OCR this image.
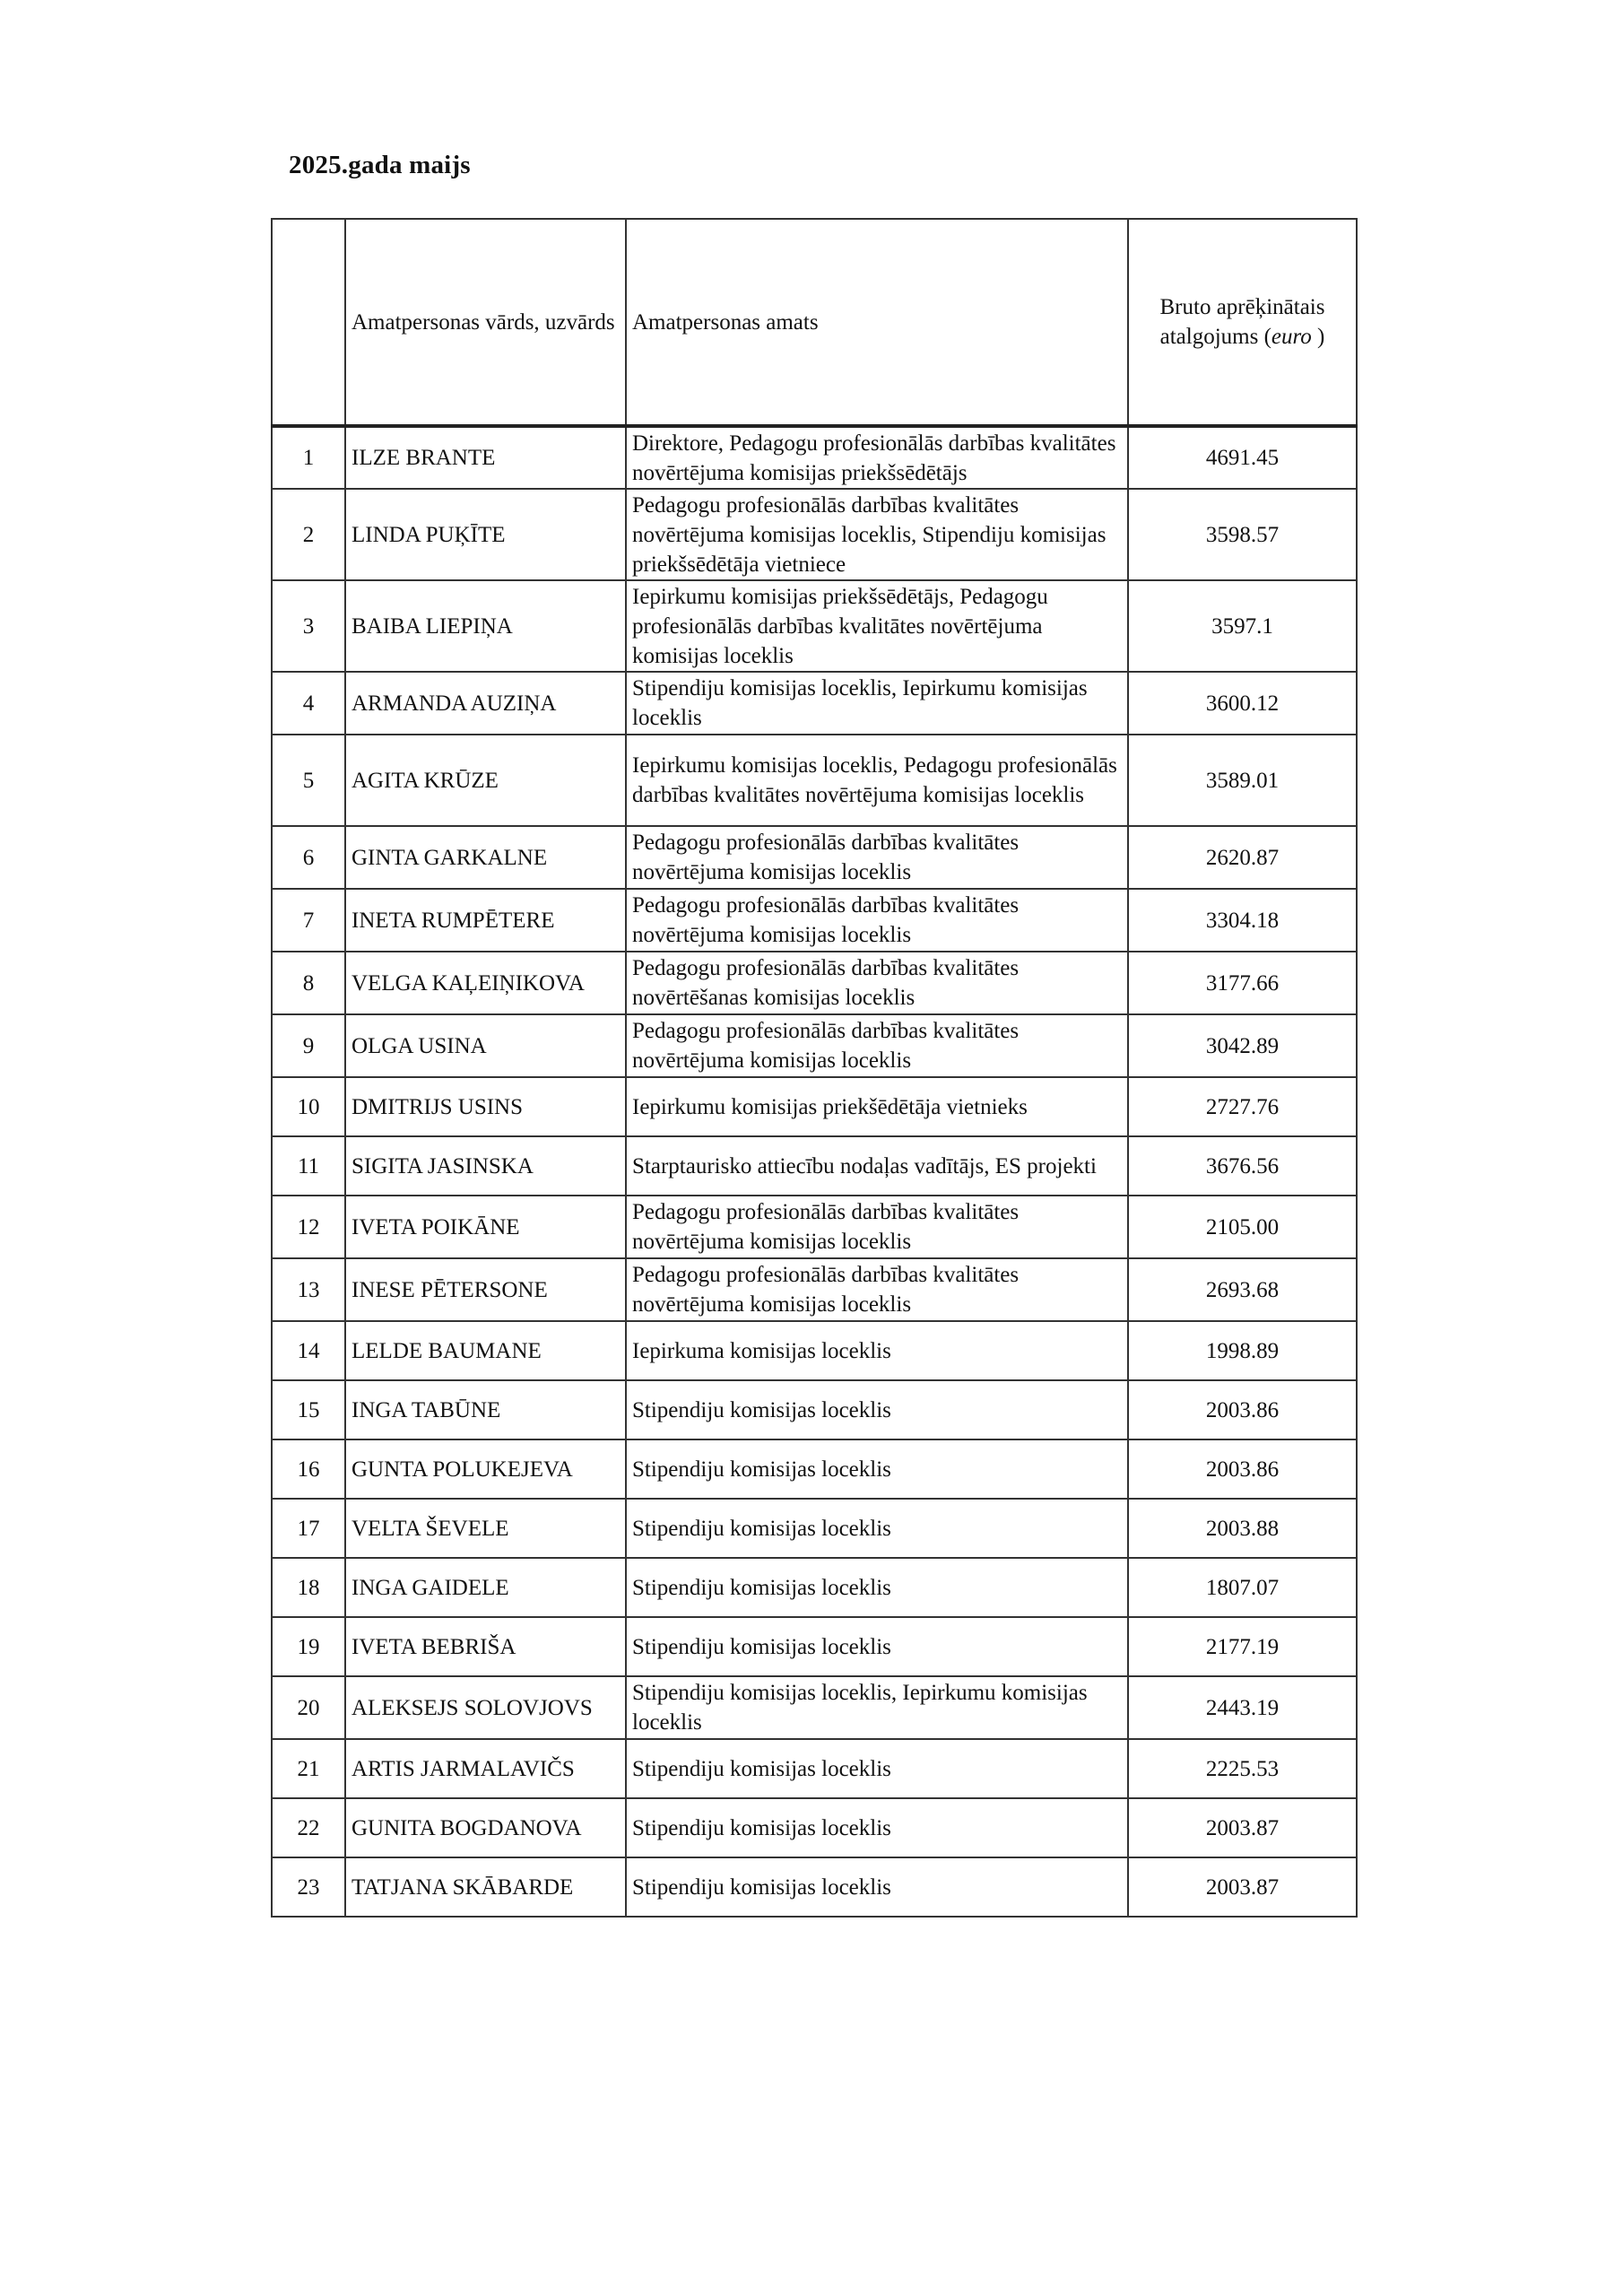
2025.gada maijs
	Amatpersonas vārds, uzvārds	Amatpersonas amats	Bruto aprēķinātais atalgojums (euro )
1	ILZE BRANTE	Direktore, Pedagogu profesionālās darbības kvalitātes novērtējuma komisijas priekšsēdētājs	4691.45
2	LINDA PUĶĪTE	Pedagogu profesionālās darbības kvalitātes novērtējuma komisijas loceklis, Stipendiju komisijas priekšsēdētāja vietniece	3598.57
3	BAIBA LIEPIŅA	Iepirkumu komisijas priekšsēdētājs, Pedagogu profesionālās darbības kvalitātes novērtējuma komisijas loceklis	3597.1
4	ARMANDA AUZIŅA	Stipendiju komisijas loceklis, Iepirkumu komisijas loceklis	3600.12
5	AGITA KRŪZE	Iepirkumu komisijas loceklis, Pedagogu profesionālās darbības kvalitātes novērtējuma komisijas loceklis	3589.01
6	GINTA GARKALNE	Pedagogu profesionālās darbības kvalitātes novērtējuma komisijas loceklis	2620.87
7	INETA RUMPĒTERE	Pedagogu profesionālās darbības kvalitātes novērtējuma komisijas loceklis	3304.18
8	VELGA KAĻEIŅIKOVA	Pedagogu profesionālās darbības kvalitātes novērtēšanas komisijas loceklis	3177.66
9	OLGA USINA	Pedagogu profesionālās darbības kvalitātes novērtējuma komisijas loceklis	3042.89
10	DMITRIJS USINS	Iepirkumu komisijas priekšēdētāja vietnieks	2727.76
11	SIGITA JASINSKA	Starptaurisko attiecību nodaļas vadītājs, ES projekti	3676.56
12	IVETA POIKĀNE	Pedagogu profesionālās darbības kvalitātes novērtējuma komisijas loceklis	2105.00
13	INESE PĒTERSONE	Pedagogu profesionālās darbības kvalitātes novērtējuma komisijas loceklis	2693.68
14	LELDE BAUMANE	Iepirkuma komisijas loceklis	1998.89
15	INGA TABŪNE	Stipendiju komisijas loceklis	2003.86
16	GUNTA POLUKEJEVA	Stipendiju komisijas loceklis	2003.86
17	VELTA ŠEVELE	Stipendiju komisijas loceklis	2003.88
18	INGA GAIDELE	Stipendiju komisijas loceklis	1807.07
19	IVETA BEBRIŠA	Stipendiju komisijas loceklis	2177.19
20	ALEKSEJS SOLOVJOVS	Stipendiju komisijas loceklis, Iepirkumu komisijas loceklis	2443.19
21	ARTIS JARMALAVIČS	Stipendiju komisijas loceklis	2225.53
22	GUNITA BOGDANOVA	Stipendiju komisijas loceklis	2003.87
23	TATJANA SKĀBARDE	Stipendiju komisijas loceklis	2003.87
